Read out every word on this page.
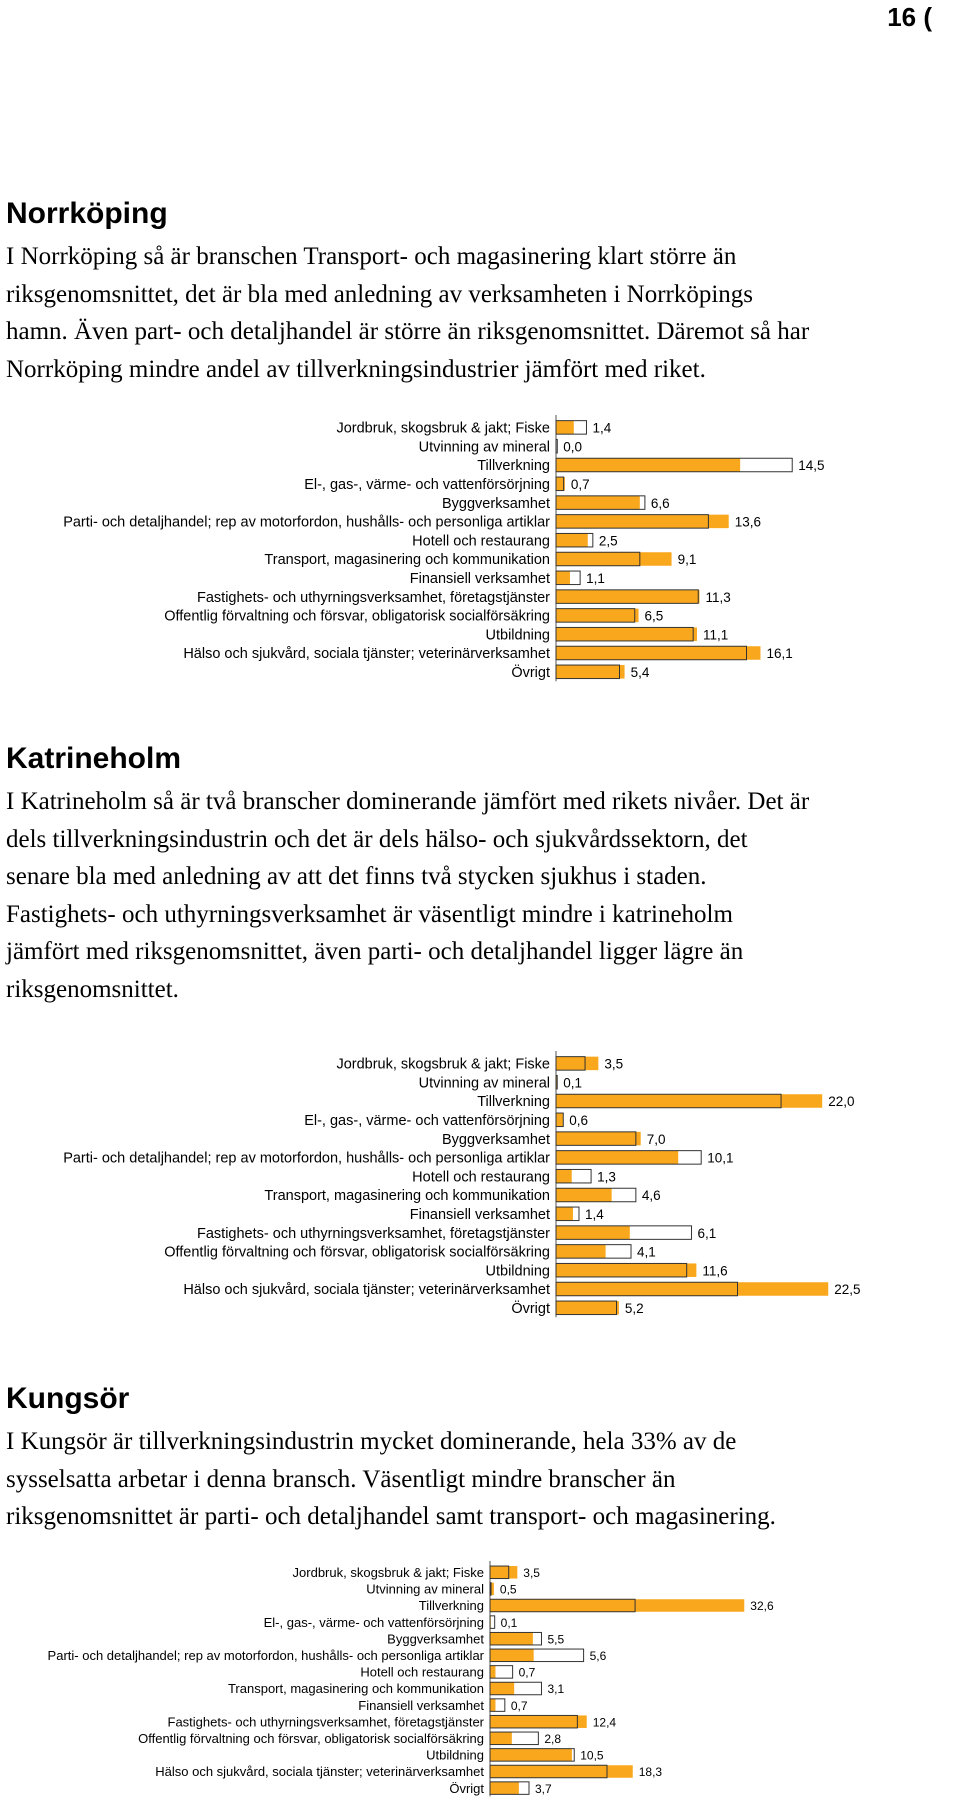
16 (
Norrköping

I Norrköping så är branschen Transport- och magasinering klart större än

riksgenomsnittet, det är bla med anledning av verksamheten i Norrköpings

hamn. Även part- och detaljhandel är större än riksgenomsnittet. Däremot så har

Norrköping mindre andel av tillverkningsindustrier jämfört med riket.

Jordbruk, skogsbruk & jakt; Fiske	1,4
Utvinning av mineral 0,0
Tillverkning	14,5
El-, gas-, värme- och vattenförsörjning 0,7
Byggverksamhet	6,6
Parti- och detaljhandel; rep av motorfordon, hushålls- och personliga artiklar	13,6
Hotell och restaurang	2,5
Transport, magasinering och kommunikation	9,1
Finansiell verksamhet	1,1
Fastighets- och uthyrningsverksamhet, företagstjänster	11,3
Offentlig förvaltning och försvar, obligatorisk socialförsäkring	6,5
Utbildning	11,1
Hälso och sjukvård, sociala tjänster; veterinärverksamhet	16,1
Övrigt	5,4
Katrineholm

I Katrineholm så är två branscher dominerande jämfört med rikets nivåer. Det är

dels tillverkningsindustrin och det är dels hälso- och sjukvårdssektorn, det

senare bla med anledning av att det finns två stycken sjukhus i staden.

Fastighets- och uthyrningsverksamhet är väsentligt mindre i katrineholm

jämfört med riksgenomsnittet, även parti- och detaljhandel ligger lägre än

riksgenomsnittet.

Jordbruk, skogsbruk & jakt; Fiske	3,5
Utvinning av mineral 0,1
Tillverkning	22,0
El-, gas-, värme- och vattenförsörjning 0,6
Byggverksamhet	7,0
Parti- och detaljhandel; rep av motorfordon, hushålls- och personliga artiklar	10,1
Hotell och restaurang	1,3
Transport, magasinering och kommunikation	4,6
Finansiell verksamhet	1,4
Fastighets- och uthyrningsverksamhet, företagstjänster	6,1
Offentlig förvaltning och försvar, obligatorisk socialförsäkring	4,1
Utbildning	11,6
Hälso och sjukvård, sociala tjänster; veterinärverksamhet	22,5
Övrigt	5,2
Kungsör

I Kungsör är tillverkningsindustrin mycket dominerande, hela 33% av de

sysselsatta arbetar i denna bransch. Väsentligt mindre branscher än

riksgenomsnittet är parti- och detaljhandel samt transport- och magasinering.

Jordbruk, skogsbruk & jakt; Fiske	3,5
Utvinning av mineral 0,5
Tillverkning	32,6
El-, gas-, värme- och vattenförsörjning 0,1
Byggverksamhet	5,5
Parti- och detaljhandel; rep av motorfordon, hushålls- och personliga artiklar	5,6
Hotell och restaurang	0,7
Transport, magasinering och kommunikation	3,1
Finansiell verksamhet 0,7
Fastighets- och uthyrningsverksamhet, företagstjänster	12,4
Offentlig förvaltning och försvar, obligatorisk socialförsäkring	2,8
Utbildning	10,5
Hälso och sjukvård, sociala tjänster; veterinärverksamhet	18,3
Övrigt	3,7
